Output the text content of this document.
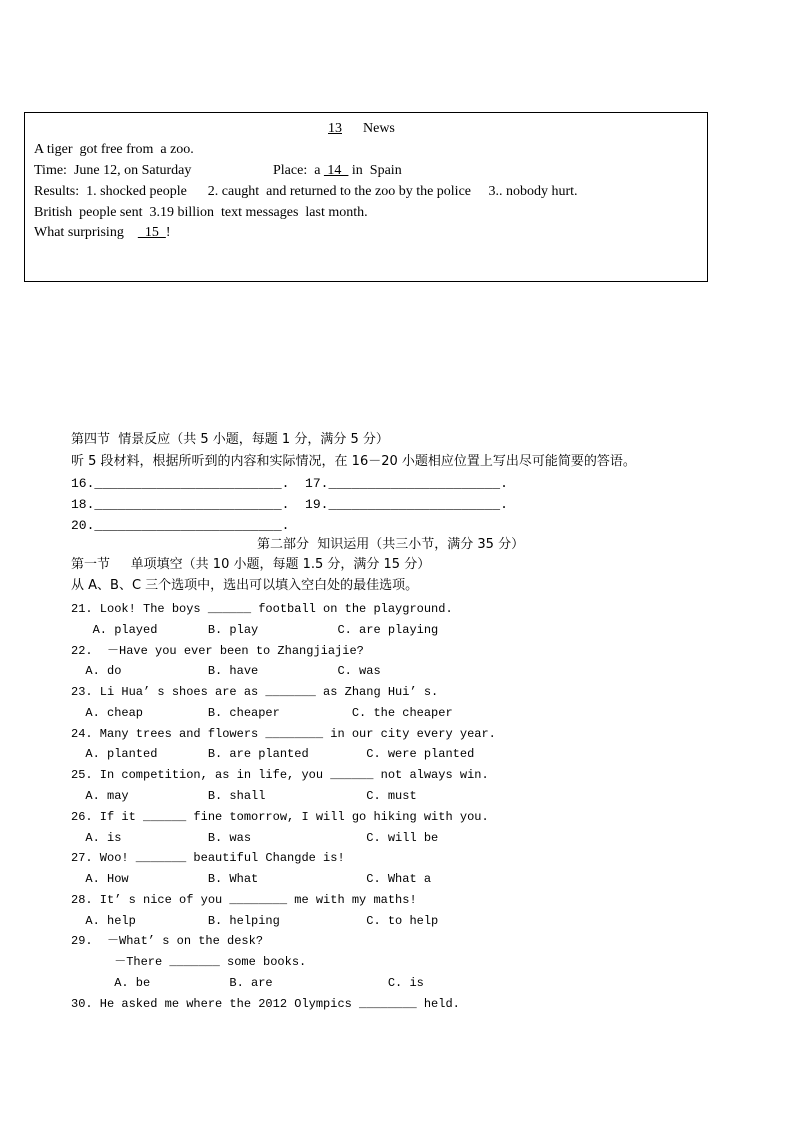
13 News
A tiger  got free from  a zoo.
Time:  June 12, on Saturday	Place:  a  14   in  Spain
Results:  1. shocked people      2. caught  and returned to the zoo by the police     3.. nobody hurt.
British  people sent  3.19 billion  text messages  last month.
What surprising      15  !
第四节  情景反应（共 5 小题，每题 1 分，满分 5 分）
听 5 段材料，根据所听到的内容和实际情况，在 16－20 小题相应位置上写出尽可能简要的答语。
16.________________________.  17.______________________.
18.________________________.  19.______________________.
20.________________________.
第二部分  知识运用（共三小节，满分 35 分）
第一节     单项填空（共 10 小题，每题 1.5 分，满分 15 分）
从 A、B、C 三个选项中，选出可以填入空白处的最佳选项。
21. Look! The boys ______ football on the playground.
A. played       B. play           C. are playing
22.  －Have you ever been to Zhangjiajie?
A. do            B. have           C. was
23. Li Hua’ s shoes are as _______ as Zhang Hui’ s.
A. cheap         B. cheaper          C. the cheaper
24. Many trees and flowers ________ in our city every year.
A. planted       B. are planted        C. were planted
25. In competition, as in life, you ______ not always win.
A. may           B. shall              C. must
26. If it ______ fine tomorrow, I will go hiking with you.
A. is            B. was                C. will be
27. Woo! _______ beautiful Changde is!
A. How           B. What               C. What a
28. It’ s nice of you ________ me with my maths!
A. help          B. helping            C. to help
29.  －What’ s on the desk?
－There _______ some books.
A. be           B. are                C. is
30. He asked me where the 2012 Olympics ________ held.
